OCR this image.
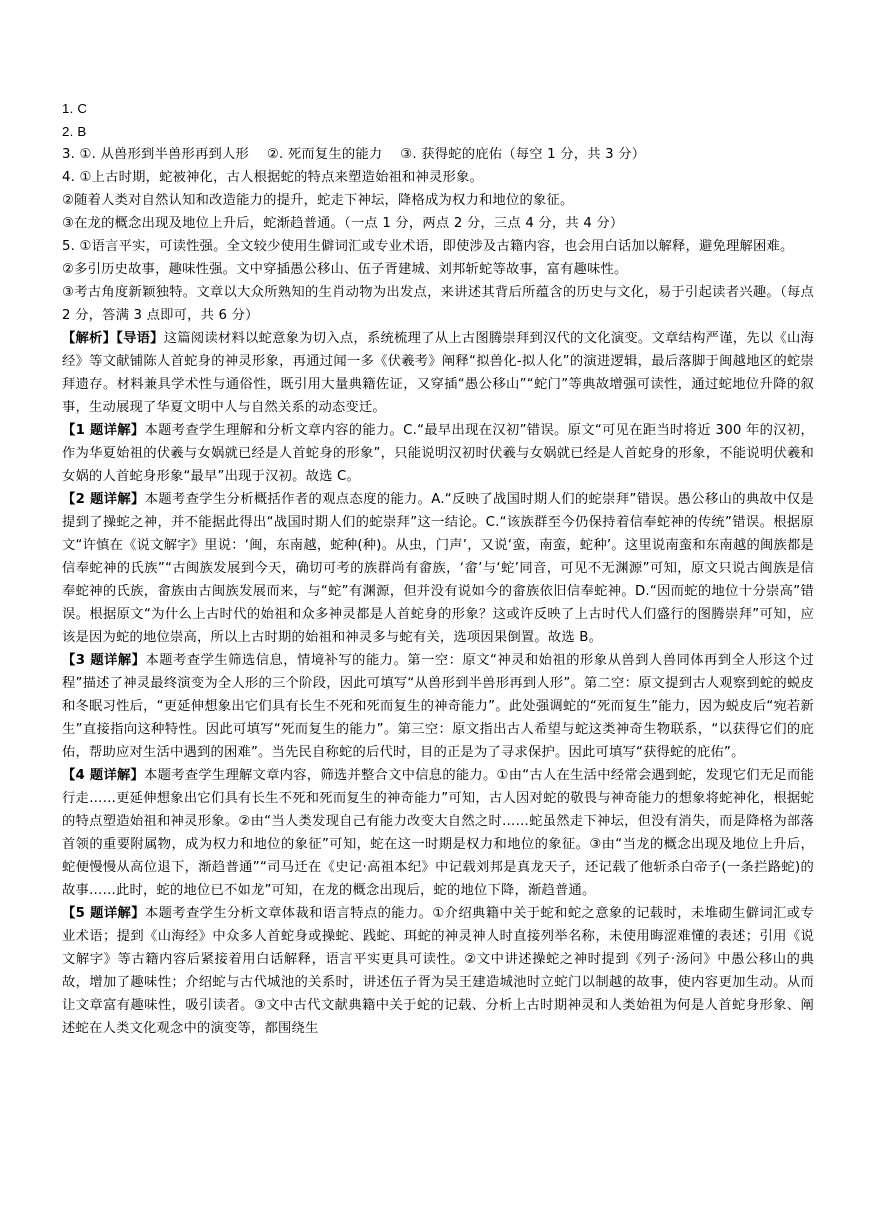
1. C

2. B

3. ①. 从兽形到半兽形再到人形　 ②. 死而复生的能力　 ③. 获得蛇的庇佑（每空 1 分，共 3 分）

4. ①上古时期，蛇被神化，古人根据蛇的特点来塑造始祖和神灵形象。

②随着人类对自然认知和改造能力的提升，蛇走下神坛，降格成为权力和地位的象征。

③在龙的概念出现及地位上升后，蛇渐趋普通。（一点 1 分，两点 2 分，三点 4 分，共 4 分）

5. ①语言平实，可读性强。全文较少使用生僻词汇或专业术语，即使涉及古籍内容，也会用白话加以解释，避免理解困难。

②多引历史故事，趣味性强。文中穿插愚公移山、伍子胥建城、刘邦斩蛇等故事，富有趣味性。

③考古角度新颖独特。文章以大众所熟知的生肖动物为出发点，来讲述其背后所蕴含的历史与文化，易于引起读者兴趣。（每点 2 分，答满 3 点即可，共 6 分）

【解析】【导语】这篇阅读材料以蛇意象为切入点，系统梳理了从上古图腾崇拜到汉代的文化演变。文章结构严谨，先以《山海经》等文献铺陈人首蛇身的神灵形象，再通过闻一多《伏羲考》阐释“拟兽化-拟人化”的演进逻辑，最后落脚于闽越地区的蛇崇拜遗存。材料兼具学术性与通俗性，既引用大量典籍佐证，又穿插“愚公移山”“蛇门”等典故增强可读性，通过蛇地位升降的叙事，生动展现了华夏文明中人与自然关系的动态变迁。

【1 题详解】本题考查学生理解和分析文章内容的能力。C.“最早出现在汉初”错误。原文“可见在距当时将近 300 年的汉初，作为华夏始祖的伏羲与女娲就已经是人首蛇身的形象”，只能说明汉初时伏羲与女娲就已经是人首蛇身的形象，不能说明伏羲和女娲的人首蛇身形象“最早”出现于汉初。故选 C。

【2 题详解】本题考查学生分析概括作者的观点态度的能力。A.“反映了战国时期人们的蛇崇拜”错误。愚公移山的典故中仅是提到了操蛇之神，并不能据此得出“战国时期人们的蛇崇拜”这一结论。C.“该族群至今仍保持着信奉蛇神的传统”错误。根据原文“许慎在《说文解字》里说：‘闽，东南越，蛇种(种)。从虫，门声’，又说‘蛮，南蛮，蛇种’。这里说南蛮和东南越的闽族都是信奉蛇神的氏族”“古闽族发展到今天，确切可考的族群尚有畲族，‘畲’与‘蛇’同音，可见不无渊源”可知，原文只说古闽族是信奉蛇神的氏族，畲族由古闽族发展而来，与“蛇”有渊源，但并没有说如今的畲族依旧信奉蛇神。D.“因而蛇的地位十分崇高”错误。根据原文“为什么上古时代的始祖和众多神灵都是人首蛇身的形象？这或许反映了上古时代人们盛行的图腾崇拜”可知，应该是因为蛇的地位崇高，所以上古时期的始祖和神灵多与蛇有关，选项因果倒置。故选 B。

【3 题详解】本题考查学生筛选信息，情境补写的能力。第一空：原文“神灵和始祖的形象从兽到人兽同体再到全人形这个过程”描述了神灵最终演变为全人形的三个阶段，因此可填写“从兽形到半兽形再到人形”。第二空：原文提到古人观察到蛇的蜕皮和冬眠习性后，“更延伸想象出它们具有长生不死和死而复生的神奇能力”。此处强调蛇的“死而复生”能力，因为蜕皮后“宛若新生”直接指向这种特性。因此可填写“死而复生的能力”。第三空：原文指出古人希望与蛇这类神奇生物联系，“以获得它们的庇佑，帮助应对生活中遇到的困难”。当先民自称蛇的后代时，目的正是为了寻求保护。因此可填写“获得蛇的庇佑”。

【4 题详解】本题考查学生理解文章内容，筛选并整合文中信息的能力。①由“古人在生活中经常会遇到蛇，发现它们无足而能行走……更延伸想象出它们具有长生不死和死而复生的神奇能力”可知，古人因对蛇的敬畏与神奇能力的想象将蛇神化，根据蛇的特点塑造始祖和神灵形象。②由“当人类发现自己有能力改变大自然之时……蛇虽然走下神坛，但没有消失，而是降格为部落首领的重要附属物，成为权力和地位的象征”可知，蛇在这一时期是权力和地位的象征。③由“当龙的概念出现及地位上升后，蛇便慢慢从高位退下，渐趋普通”“司马迁在《史记·高祖本纪》中记载刘邦是真龙天子，还记载了他斩杀白帝子(一条拦路蛇)的故事……此时，蛇的地位已不如龙”可知，在龙的概念出现后，蛇的地位下降，渐趋普通。

【5 题详解】本题考查学生分析文章体裁和语言特点的能力。①介绍典籍中关于蛇和蛇之意象的记载时，未堆砌生僻词汇或专业术语；提到《山海经》中众多人首蛇身或操蛇、践蛇、珥蛇的神灵神人时直接列举名称，未使用晦涩难懂的表述；引用《说文解字》等古籍内容后紧接着用白话解释，语言平实更具可读性。②文中讲述操蛇之神时提到《列子·汤问》中愚公移山的典故，增加了趣味性；介绍蛇与古代城池的关系时，讲述伍子胥为吴王建造城池时立蛇门以制越的故事，使内容更加生动。从而让文章富有趣味性，吸引读者。③文中古代文献典籍中关于蛇的记载、分析上古时期神灵和人类始祖为何是人首蛇身形象、阐述蛇在人类文化观念中的演变等，都围绕生
